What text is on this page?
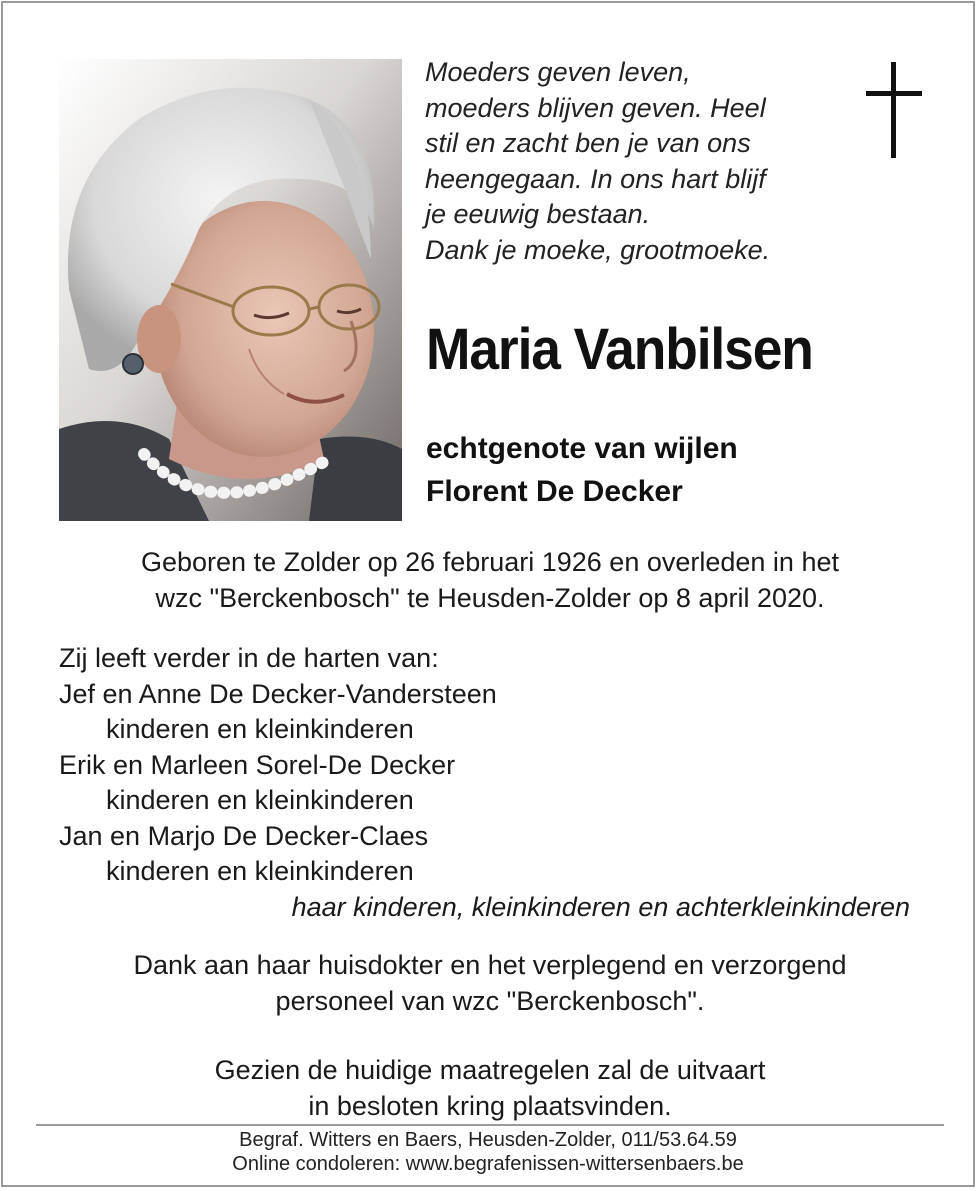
Moeders geven leven,
moeders blijven geven. Heel
stil en zacht ben je van ons
heengegaan. In ons hart blijf
je eeuwig bestaan.
Dank je moeke, grootmoeke.
Maria Vanbilsen
echtgenote van wijlen
Florent De Decker
Geboren te Zolder op 26 februari 1926 en overleden in het
wzc "Berckenbosch" te Heusden-Zolder op 8 april 2020.
Zij leeft verder in de harten van:
Jef en Anne De Decker-Vandersteen
kinderen en kleinkinderen
Erik en Marleen Sorel-De Decker
kinderen en kleinkinderen
Jan en Marjo De Decker-Claes
kinderen en kleinkinderen
haar kinderen, kleinkinderen en achterkleinkinderen
Dank aan haar huisdokter en het verplegend en verzorgend
personeel van wzc "Berckenbosch".
Gezien de huidige maatregelen zal de uitvaart
in besloten kring plaatsvinden.
Begraf. Witters en Baers, Heusden-Zolder, 011/53.64.59
Online condoleren: www.begrafenissen-wittersenbaers.be
